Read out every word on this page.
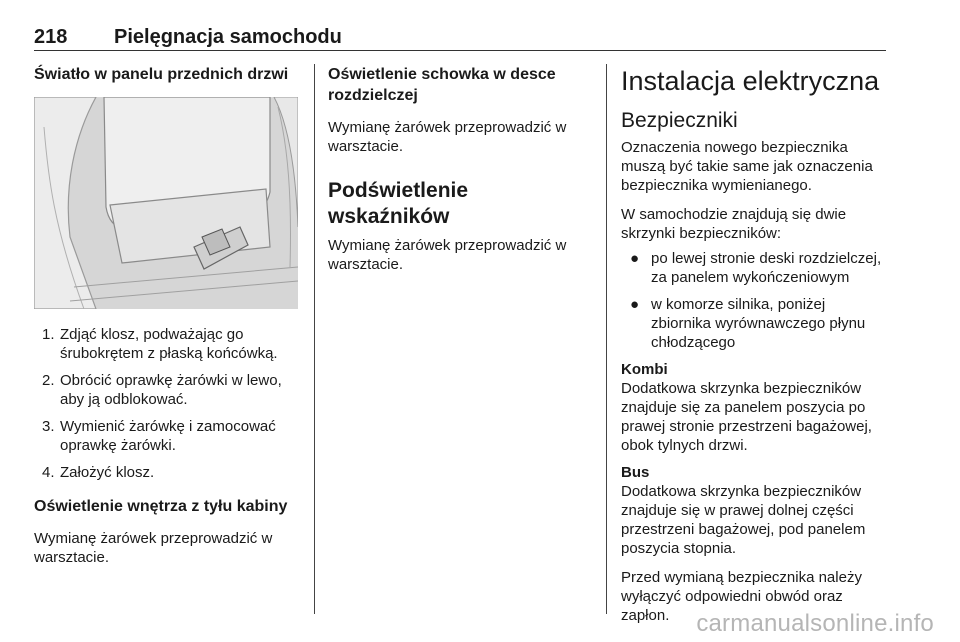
218 Pielęgnacja samochodu
Światło w panelu przednich drzwi
1. Zdjąć klosz, podważając go śrubokrętem z płaską końcówką.
2. Obrócić oprawkę żarówki w lewo, aby ją odblokować.
3. Wymienić żarówkę i zamocować oprawkę żarówki.
4. Założyć klosz.
Oświetlenie wnętrza z tyłu kabiny

Wymianę żarówek przeprowadzić w warsztacie.

Oświetlenie schowka w desce rozdzielczej

Wymianę żarówek przeprowadzić w warsztacie.

Podświetlenie wskaźników

Wymianę żarówek przeprowadzić w warsztacie.

Instalacja elektryczna
Bezpieczniki

Oznaczenia nowego bezpiecznika muszą być takie same jak oznaczenia bezpiecznika wymienianego.

W samochodzie znajdują się dwie skrzynki bezpieczników:

● po lewej stronie deski rozdzielczej, za panelem wykończeniowym
● w komorze silnika, poniżej zbiornika wyrównawczego płynu chłodzącego

Kombi

Dodatkowa skrzynka bezpieczników znajduje się za panelem poszycia po prawej stronie przestrzeni bagażowej, obok tylnych drzwi.

Bus

Dodatkowa skrzynka bezpieczników znajduje się w prawej dolnej części przestrzeni bagażowej, pod panelem poszycia stopnia.

Przed wymianą bezpiecznika należy wyłączyć odpowiedni obwód oraz zapłon.	carmanualsonline.info
